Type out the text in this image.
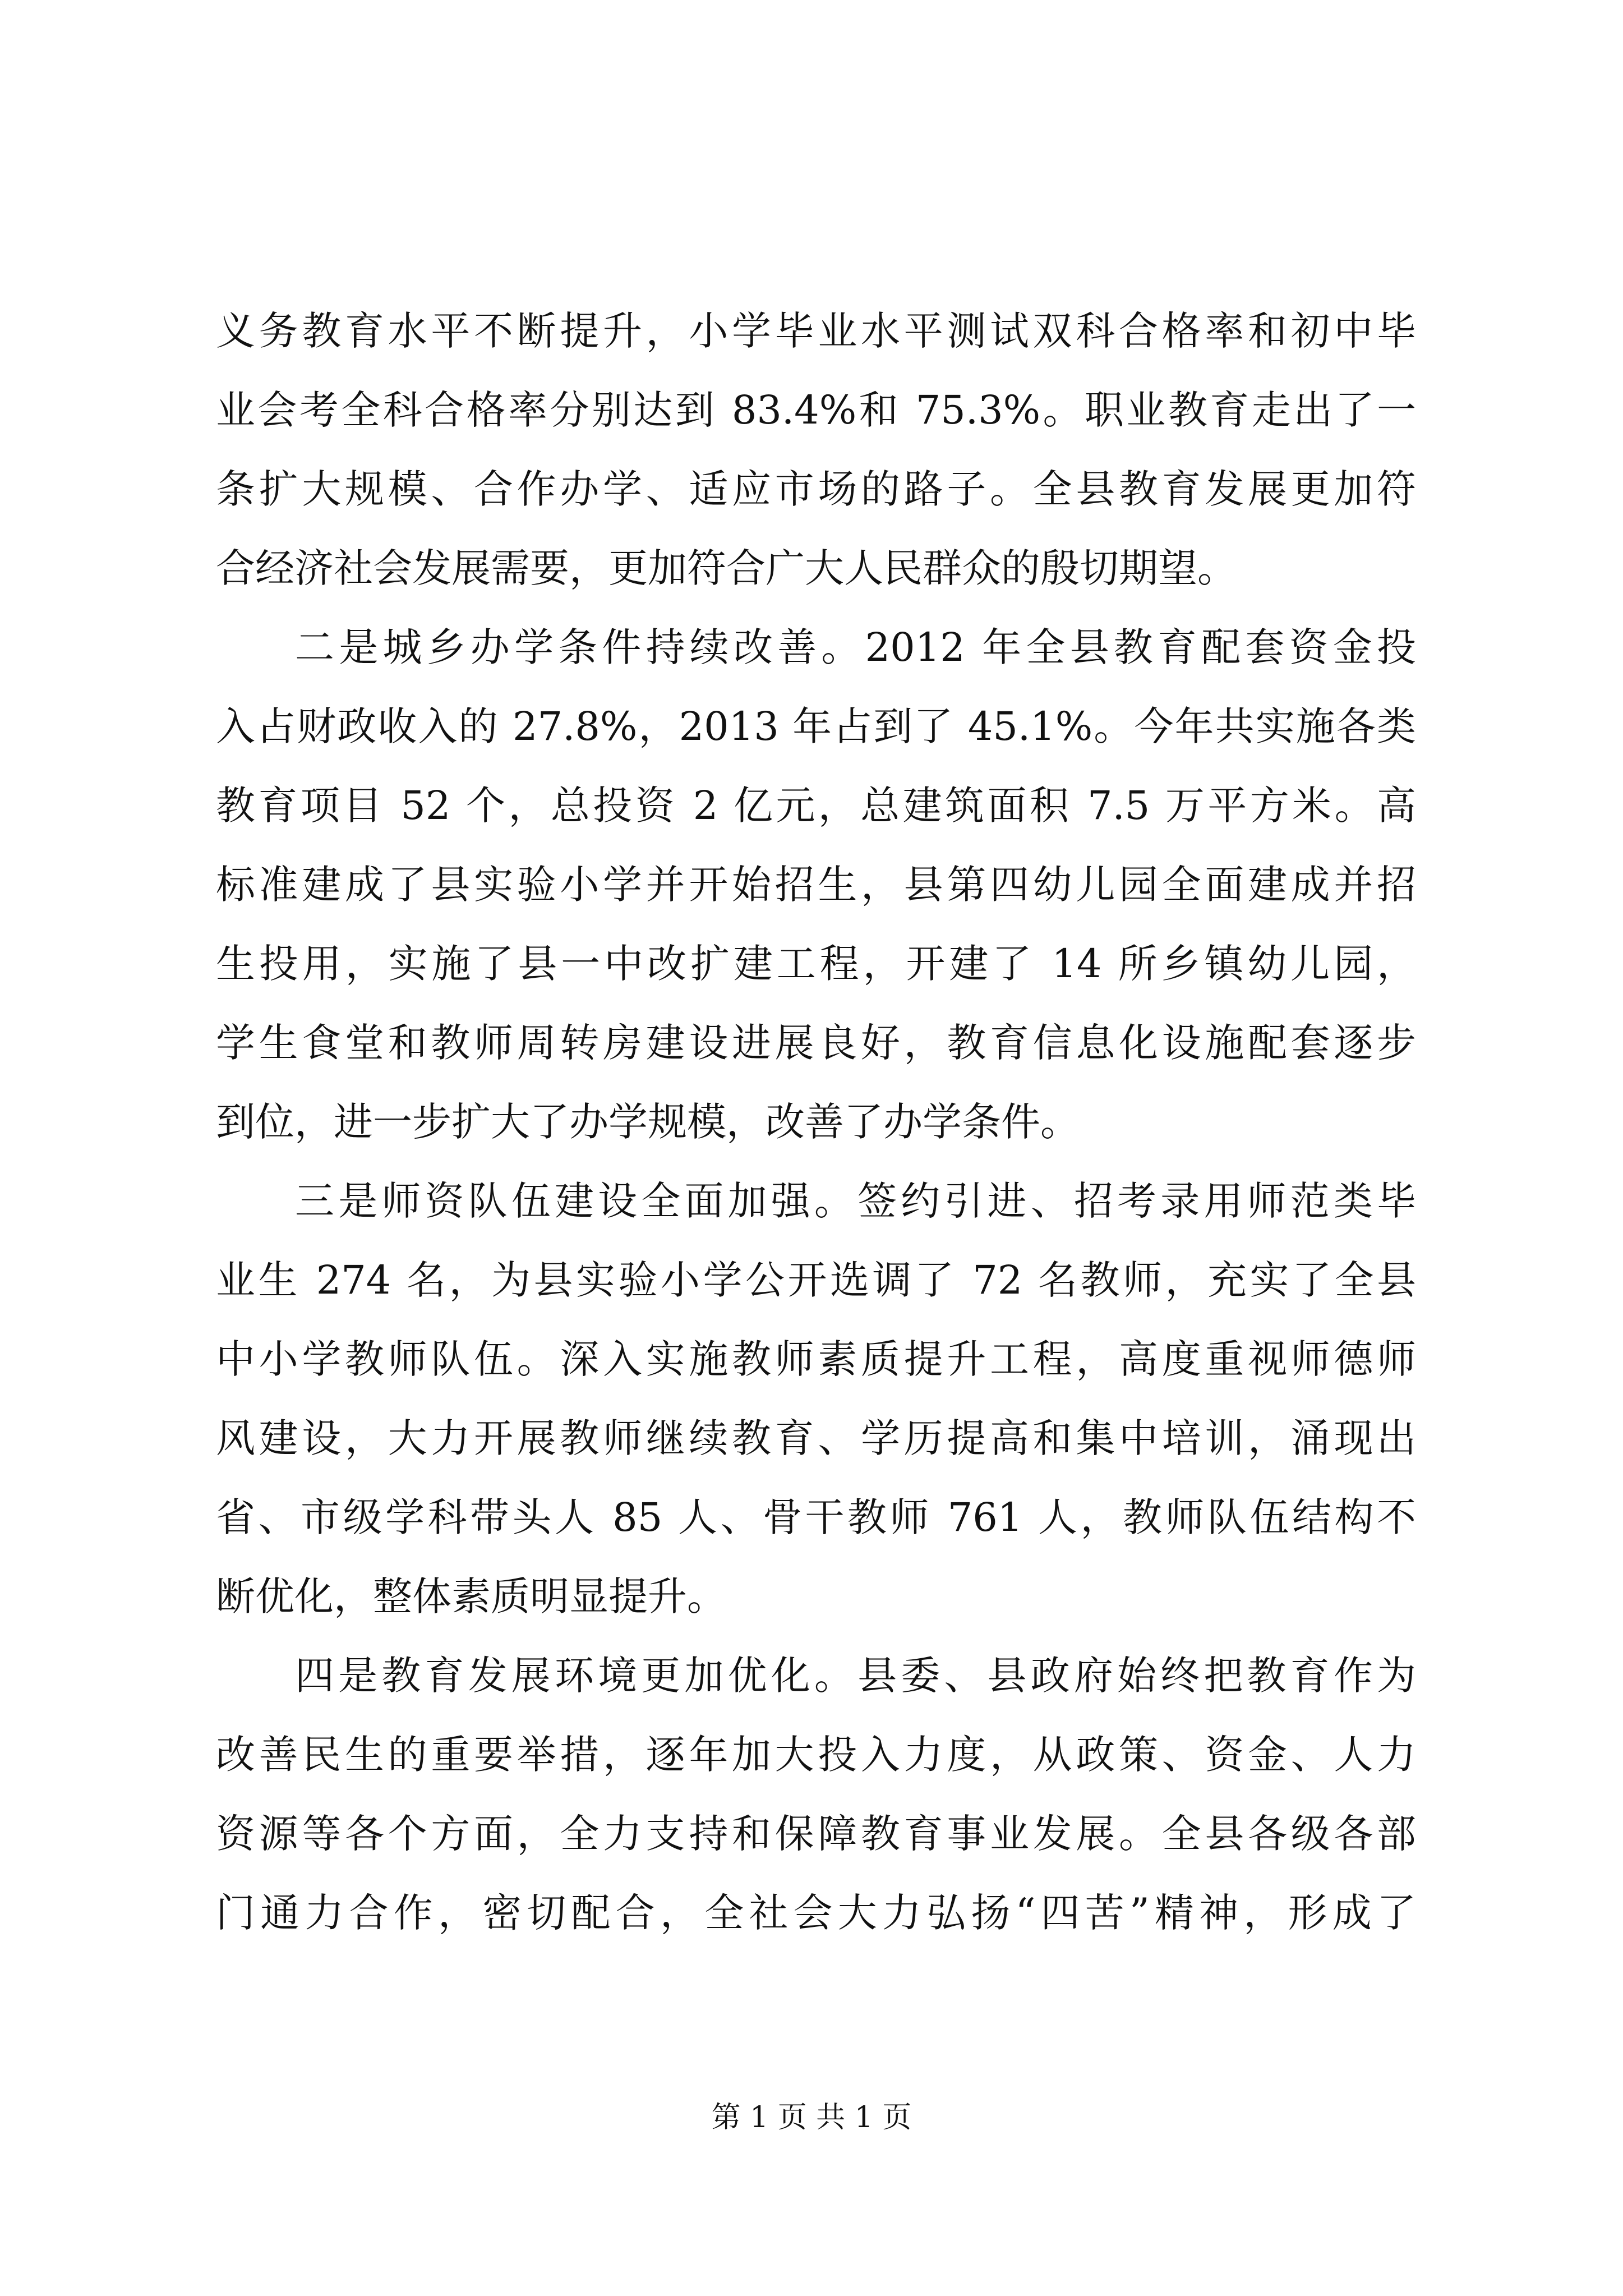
义务教育水平不断提升，小学毕业水平测试双科合格率和初中毕
业会考全科合格率分别达到 83.4%和 75.3%。职业教育走出了一
条扩大规模、合作办学、适应市场的路子。全县教育发展更加符
合经济社会发展需要，更加符合广大人民群众的殷切期望。
二是城乡办学条件持续改善。2012 年全县教育配套资金投
入占财政收入的 27.8%，2013 年占到了 45.1%。今年共实施各类
教育项目 52 个，总投资 2 亿元，总建筑面积 7.5 万平方米。高
标准建成了县实验小学并开始招生，县第四幼儿园全面建成并招
生投用，实施了县一中改扩建工程，开建了 14 所乡镇幼儿园，
学生食堂和教师周转房建设进展良好，教育信息化设施配套逐步
到位，进一步扩大了办学规模，改善了办学条件。
三是师资队伍建设全面加强。签约引进、招考录用师范类毕
业生 274 名，为县实验小学公开选调了 72 名教师，充实了全县
中小学教师队伍。深入实施教师素质提升工程，高度重视师德师
风建设，大力开展教师继续教育、学历提高和集中培训，涌现出
省、市级学科带头人 85 人、骨干教师 761 人，教师队伍结构不
断优化，整体素质明显提升。
四是教育发展环境更加优化。县委、县政府始终把教育作为
改善民生的重要举措，逐年加大投入力度，从政策、资金、人力
资源等各个方面，全力支持和保障教育事业发展。全县各级各部
门通力合作，密切配合，全社会大力弘扬“四苦”精神，形成了
第 1 页 共 1 页
